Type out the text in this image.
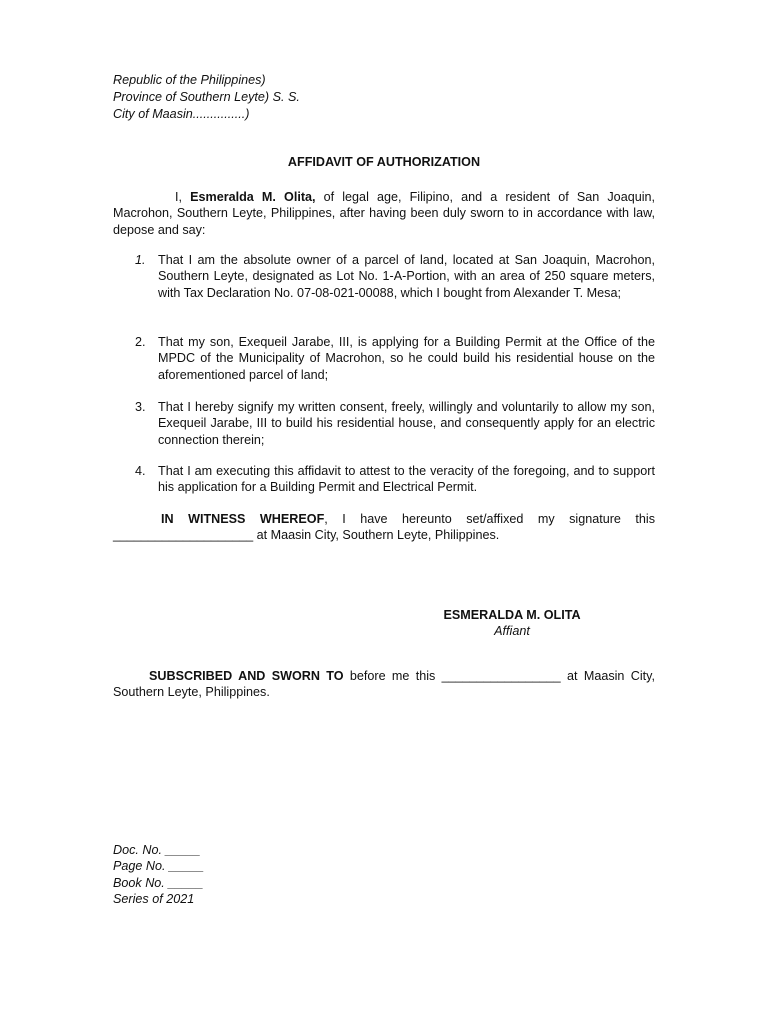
Republic of the Philippines)
Province of Southern Leyte) S. S.
City of Maasin...............)
AFFIDAVIT OF AUTHORIZATION
I, Esmeralda M. Olita, of legal age, Filipino, and a resident of San Joaquin, Macrohon, Southern Leyte, Philippines, after having been duly sworn to in accordance with law, depose and say:
1. That I am the absolute owner of a parcel of land, located at San Joaquin, Macrohon, Southern Leyte, designated as Lot No. 1-A-Portion, with an area of 250 square meters, with Tax Declaration No. 07-08-021-00088, which I bought from Alexander T. Mesa;
2. That my son, Exequeil Jarabe, III, is applying for a Building Permit at the Office of the MPDC of the Municipality of Macrohon, so he could build his residential house on the aforementioned parcel of land;
3. That I hereby signify my written consent, freely, willingly and voluntarily to allow my son, Exequeil Jarabe, III to build his residential house, and consequently apply for an electric connection therein;
4. That I am executing this affidavit to attest to the veracity of the foregoing, and to support his application for a Building Permit and Electrical Permit.
IN WITNESS WHEREOF, I have hereunto set/affixed my signature this ____________________ at Maasin City, Southern Leyte, Philippines.
ESMERALDA M. OLITA
Affiant
SUBSCRIBED AND SWORN TO before me this _________________ at Maasin City, Southern Leyte, Philippines.
Doc. No. _____
Page No. _____
Book No. _____
Series of 2021
